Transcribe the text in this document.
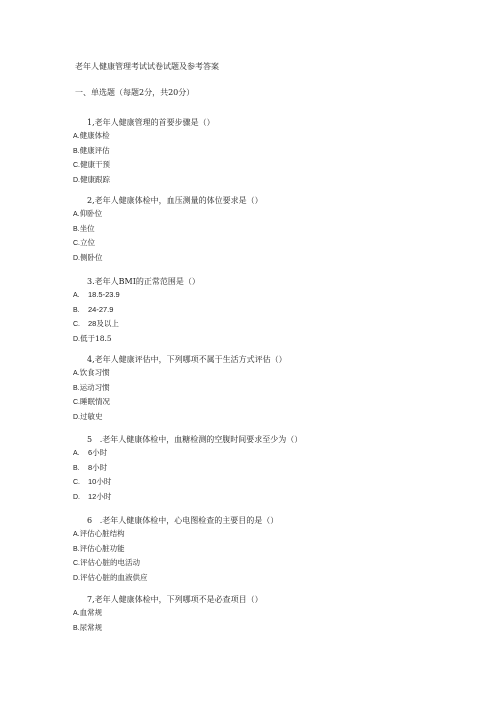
老年人健康管理考试试卷试题及参考答案
一、单选题（每题2分，共20分）
1,老年人健康管理的首要步骤是（）
A.健康体检
B.健康评估
C.健康干预
D.健康跟踪
2,老年人健康体检中，血压测量的体位要求是（）
A.仰卧位
B.坐位
C.立位
D.侧卧位
3.老年人BMI的正常范围是（）
A. 18.5-23.9
B. 24-27.9
C. 28及以上
D.低于18.5
4,老年人健康评估中，下列哪项不属于生活方式评估（）
A.饮食习惯
B.运动习惯
C.睡眠情况
D.过敏史
5   .老年人健康体检中，血糖检测的空腹时间要求至少为（）
A. 6小时
B. 8小时
C. 10小时
D. 12小时
6   .老年人健康体检中，心电图检查的主要目的是（）
A.评估心脏结构
B.评估心脏功能
C.评估心脏的电活动
D.评估心脏的血液供应
7,老年人健康体检中，下列哪项不是必查项目（）
A.血常规
B.尿常规
